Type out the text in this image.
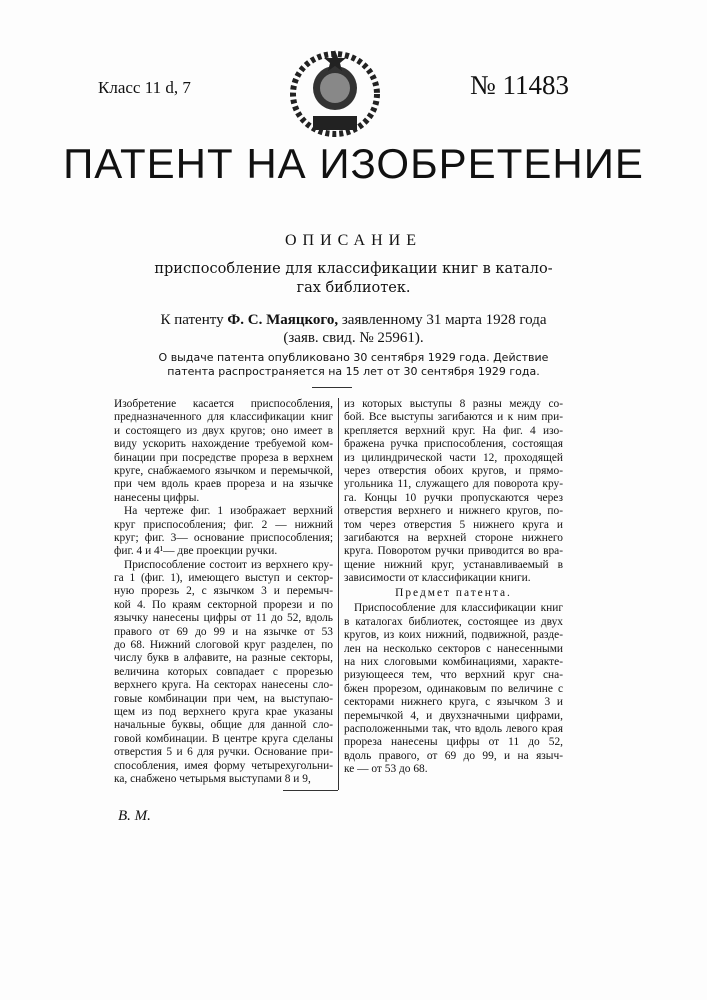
Класс 11 d, 7	№ 11483
ПАТЕНТ НА ИЗОБРЕТЕНИЕ
ОПИСАНИЕ
приспособление для классификации книг в катало-
гах библиотек.
К патенту Ф. С. Маяцкого, заявленному 31 марта 1928 года
(заяв. свид. № 25961).
О выдаче патента опубликовано 30 сентября 1929 года. Действие
патента распространяется на 15 лет от 30 сентября 1929 года.
Изобретение касается приспособления,
предназначенного для классификации книг
и состоящего из двух кругов; оно имеет в
виду ускорить нахождение требуемой ком-
бинации при посредстве прореза в верхнем
круге, снабжаемого язычком и перемычкой,
при чем вдоль краев прореза и на язычке
нанесены цифры.
На чертеже фиг. 1 изображает верхний
круг приспособления; фиг. 2 — нижний
круг; фиг. 3— основание приспособления;
фиг. 4 и 4¹— две проекции ручки.
Приспособление состоит из верхнего кру-
га 1 (фиг. 1), имеющего выступ и сектор-
ную прорезь 2, с язычком 3 и перемыч-
кой 4. По краям секторной прорези и по
язычку нанесены цифры от 11 до 52, вдоль
правого от 69 до 99 и на язычке от 53
до 68. Нижний слоговой круг разделен, по
числу букв в алфавите, на разные секторы,
величина которых совпадает с прорезью
верхнего круга. На секторах нанесены сло-
говые комбинации при чем, на выступаю-
щем из под верхнего круга крае указаны
начальные буквы, общие для данной слo-
говой комбинации. В центре круга сделаны
отверстия 5 и 6 для ручки. Основание при-
способления, имея форму четырехугольни-
ка, снабжено четырьмя выступами 8 и 9,
из которых выступы 8 разны между со-
бой. Все выступы загибаются и к ним при-
крепляется верхний круг. На фиг. 4 изо-
бражена ручка приспособления, состоящая
из цилиндрической части 12, проходящей
через отверстия обоих кругов, и прямо-
угольника 11, служащего для поворота кру-
га. Концы 10 ручки пропускаются через
отверстия верхнего и нижнего кругов, по-
том через отверстия 5 нижнего круга и
загибаются на верхней стороне нижнего
круга. Поворотом ручки приводится во вра-
щение нижний круг, устанавливаемый в
зависимости от классификации книги.
Предмет патента.
Приспособление для классификации книг
в каталогах библиотек, состоящее из двух
кругов, из коих нижний, подвижной, разде-
лен на несколько секторов с нанесенными
на них слоговыми комбинациями, характе-
ризующееся тем, что верхний круг сна-
бжен прорезом, одинаковым по величине с
секторами нижнего круга, с язычком 3 и
перемычкой 4, и двухзначными цифрами,
расположенными так, что вдоль левого края
прореза нанесены цифры от 11 до 52,
вдоль правого, от 69 до 99, и на языч-
ке — от 53 до 68.
В. М.
